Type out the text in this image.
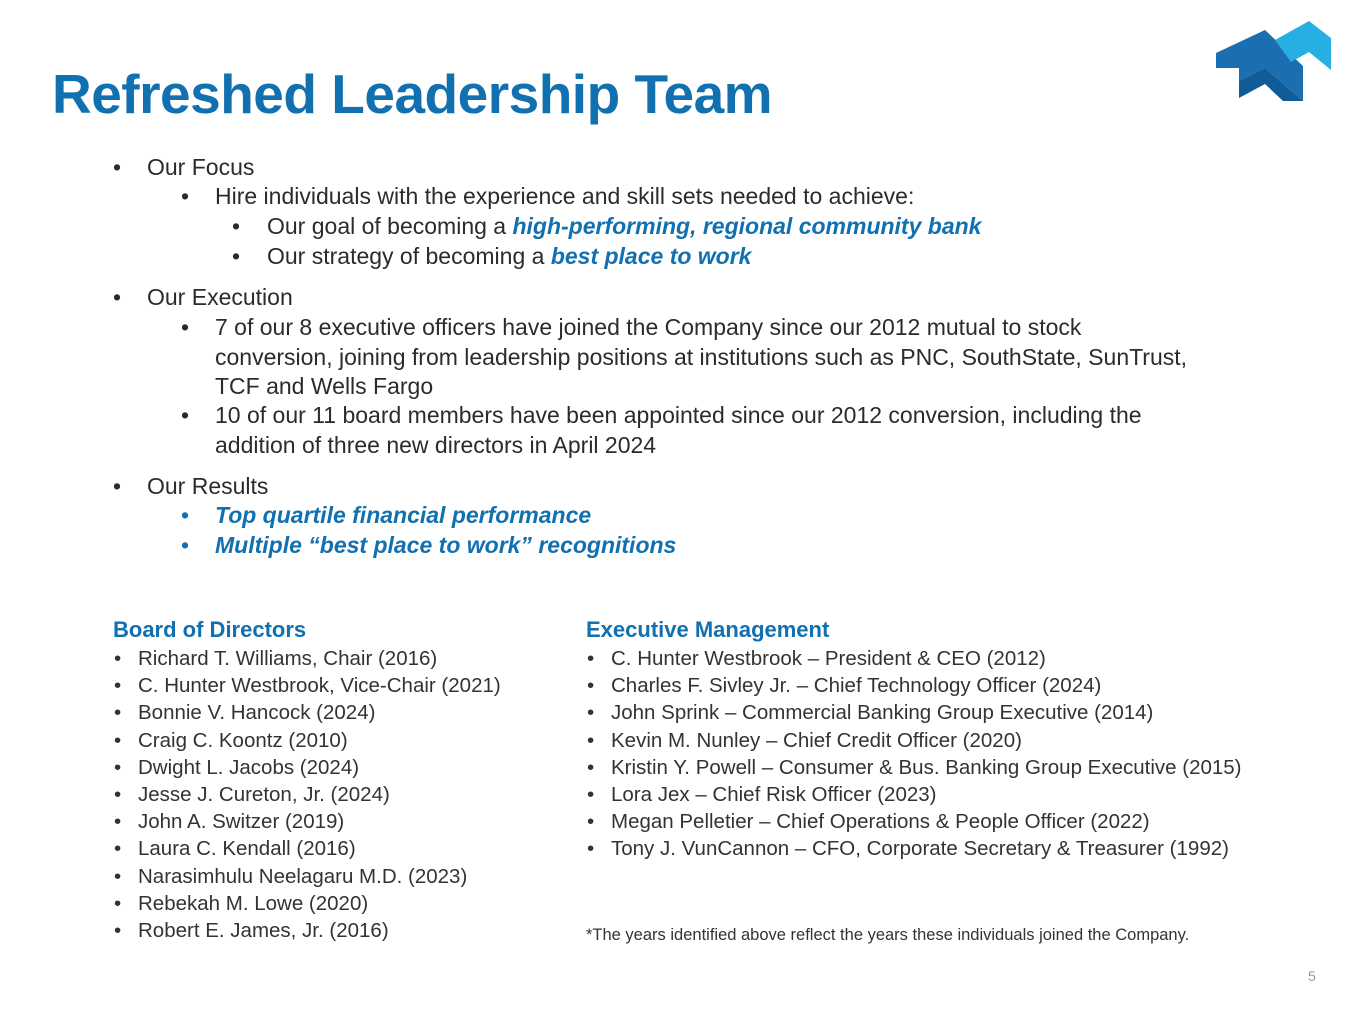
Refreshed Leadership Team
• Our Focus
• Hire individuals with the experience and skill sets needed to achieve:
• Our goal of becoming a high-performing, regional community bank
• Our strategy of becoming a best place to work
• Our Execution
• 7 of our 8 executive officers have joined the Company since our 2012 mutual to stock
conversion, joining from leadership positions at institutions such as PNC, SouthState, SunTrust,
TCF and Wells Fargo
• 10 of our 11 board members have been appointed since our 2012 conversion, including the
addition of three new directors in April 2024
• Our Results
• Top quartile financial performance
• Multiple “best place to work” recognitions
Board of Directors
• Richard T. Williams, Chair (2016)
• C. Hunter Westbrook, Vice-Chair (2021)
• Bonnie V. Hancock (2024)
• Craig C. Koontz (2010)
• Dwight L. Jacobs (2024)
• Jesse J. Cureton, Jr. (2024)
• John A. Switzer (2019)
• Laura C. Kendall (2016)
• Narasimhulu Neelagaru M.D. (2023)
• Rebekah M. Lowe (2020)
• Robert E. James, Jr. (2016)
Executive Management
• C. Hunter Westbrook – President & CEO (2012)
• Charles F. Sivley Jr. – Chief Technology Officer (2024)
• John Sprink – Commercial Banking Group Executive (2014)
• Kevin M. Nunley – Chief Credit Officer (2020)
• Kristin Y. Powell – Consumer & Bus. Banking Group Executive (2015)
• Lora Jex – Chief Risk Officer (2023)
• Megan Pelletier – Chief Operations & People Officer (2022)
• Tony J. VunCannon – CFO, Corporate Secretary & Treasurer (1992)
*The years identified above reflect the years these individuals joined the Company.
5
